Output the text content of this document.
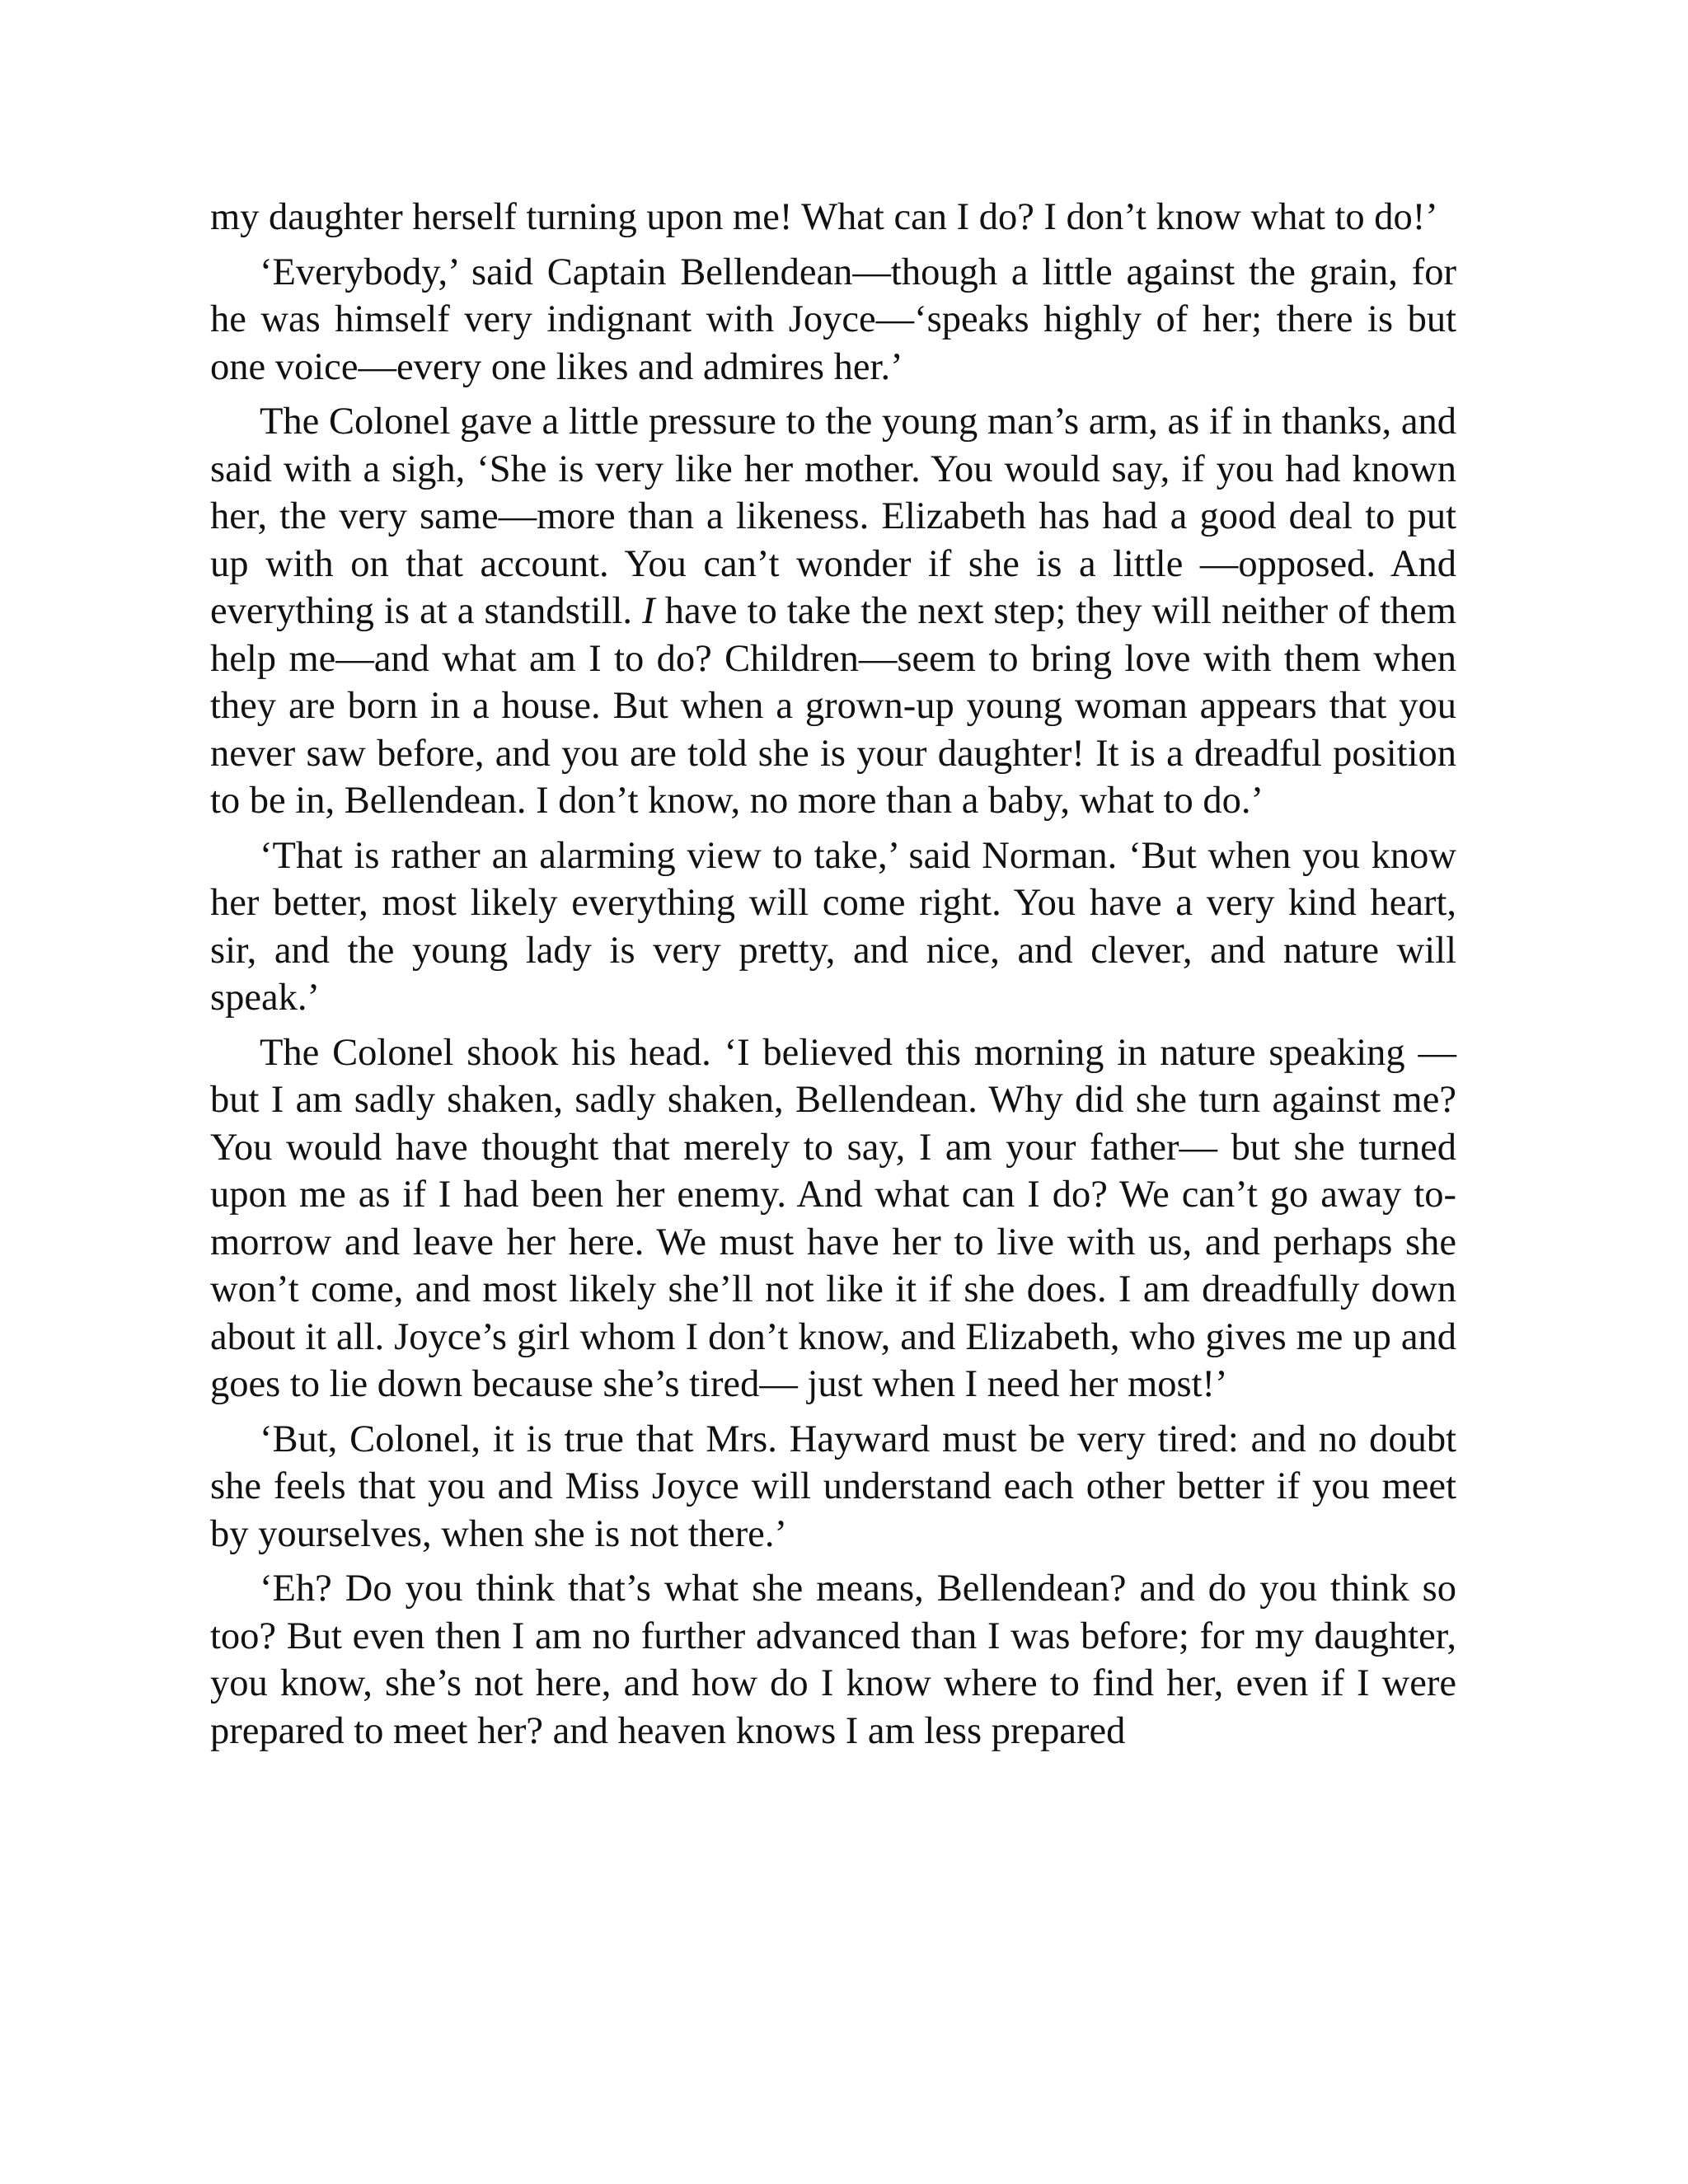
my daughter herself turning upon me! What can I do? I don’t know what to do!’

‘Everybody,’ said Captain Bellendean—though a little against the grain, for he was himself very indignant with Joyce—‘speaks highly of her; there is but one voice—every one likes and admires her.’

The Colonel gave a little pressure to the young man’s arm, as if in thanks, and said with a sigh, ‘She is very like her mother. You would say, if you had known her, the very same—more than a likeness. Elizabeth has had a good deal to put up with on that account. You can’t wonder if she is a little —opposed. And everything is at a standstill. I have to take the next step; they will neither of them help me—and what am I to do? Children—seem to bring love with them when they are born in a house. But when a grown-up young woman appears that you never saw before, and you are told she is your daughter! It is a dreadful position to be in, Bellendean. I don’t know, no more than a baby, what to do.’

‘That is rather an alarming view to take,’ said Norman. ‘But when you know her better, most likely everything will come right. You have a very kind heart, sir, and the young lady is very pretty, and nice, and clever, and nature will speak.’

The Colonel shook his head. ‘I believed this morning in nature speaking —but I am sadly shaken, sadly shaken, Bellendean. Why did she turn against me? You would have thought that merely to say, I am your father— but she turned upon me as if I had been her enemy. And what can I do? We can’t go away to-morrow and leave her here. We must have her to live with us, and perhaps she won’t come, and most likely she’ll not like it if she does. I am dreadfully down about it all. Joyce’s girl whom I don’t know, and Elizabeth, who gives me up and goes to lie down because she’s tired— just when I need her most!’

‘But, Colonel, it is true that Mrs. Hayward must be very tired: and no doubt she feels that you and Miss Joyce will understand each other better if you meet by yourselves, when she is not there.’

‘Eh? Do you think that’s what she means, Bellendean? and do you think so too? But even then I am no further advanced than I was before; for my daughter, you know, she’s not here, and how do I know where to find her, even if I were prepared to meet her? and heaven knows I am less prepared
